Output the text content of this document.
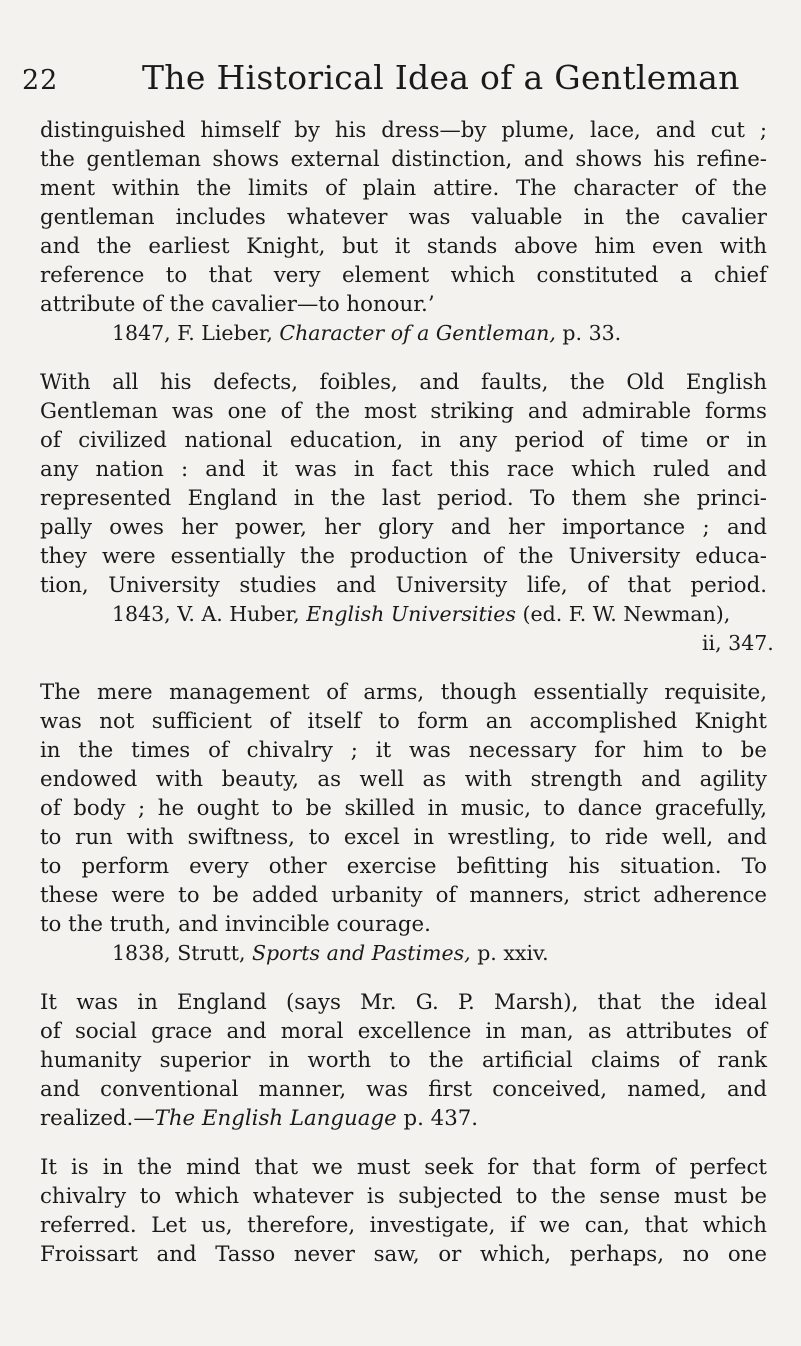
22	The Historical Idea of a Gentleman
distinguished himself by his dress—by plume, lace, and cut ;
the gentleman shows external distinction, and shows his refine-
ment within the limits of plain attire. The character of the
gentleman includes whatever was valuable in the cavalier
and the earliest Knight, but it stands above him even with
reference to that very element which constituted a chief
attribute of the cavalier—to honour.’
1847, F. Lieber, Character of a Gentleman, p. 33.
With all his defects, foibles, and faults, the Old English
Gentleman was one of the most striking and admirable forms
of civilized national education, in any period of time or in
any nation : and it was in fact this race which ruled and
represented England in the last period. To them she princi-
pally owes her power, her glory and her importance ; and
they were essentially the production of the University educa-
tion, University studies and University life, of that period.
1843, V. A. Huber, English Universities (ed. F. W. Newman),
ii, 347.
The mere management of arms, though essentially requisite,
was not sufficient of itself to form an accomplished Knight
in the times of chivalry ; it was necessary for him to be
endowed with beauty, as well as with strength and agility
of body ; he ought to be skilled in music, to dance gracefully,
to run with swiftness, to excel in wrestling, to ride well, and
to perform every other exercise befitting his situation. To
these were to be added urbanity of manners, strict adherence
to the truth, and invincible courage.
1838, Strutt, Sports and Pastimes, p. xxiv.
It was in England (says Mr. G. P. Marsh), that the ideal
of social grace and moral excellence in man, as attributes of
humanity superior in worth to the artificial claims of rank
and conventional manner, was first conceived, named, and
realized.—The English Language p. 437.
It is in the mind that we must seek for that form of perfect
chivalry to which whatever is subjected to the sense must be
referred. Let us, therefore, investigate, if we can, that which
Froissart and Tasso never saw, or which, perhaps, no one
